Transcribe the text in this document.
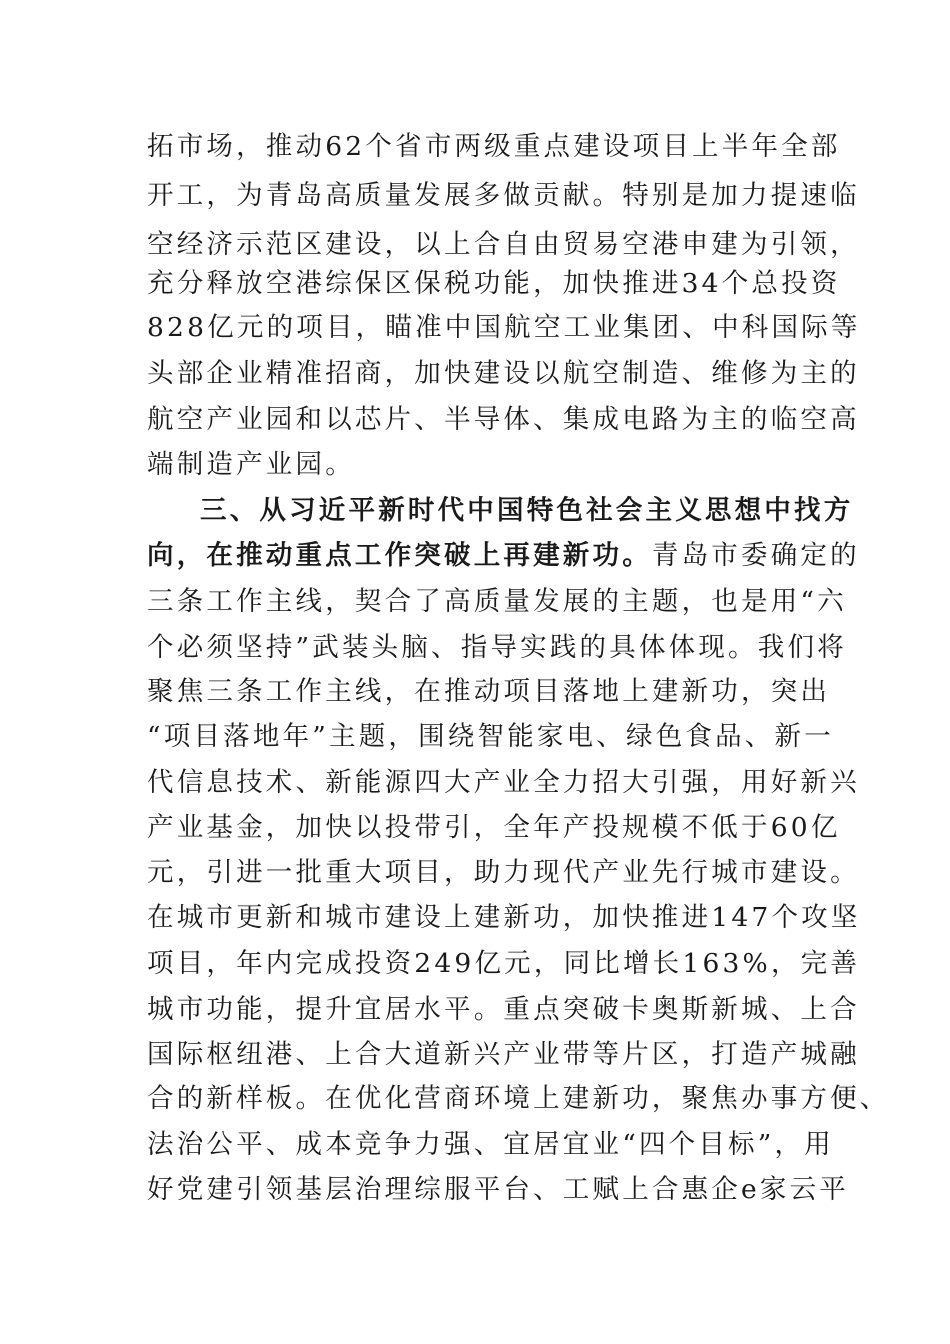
拓市场，推动62个省市两级重点建设项目上半年全部

开工，为青岛高质量发展多做贡献。特别是加力提速临

空经济示范区建设，以上合自由贸易空港申建为引领，

充分释放空港综保区保税功能，加快推进34个总投资

828亿元的项目，瞄准中国航空工业集团、中科国际等

头部企业精准招商，加快建设以航空制造、维修为主的

航空产业园和以芯片、半导体、集成电路为主的临空高

端制造产业园。

三、从习近平新时代中国特色社会主义思想中找方

向，在推动重点工作突破上再建新功。青岛市委确定的

三条工作主线，契合了高质量发展的主题，也是用“六

个必须坚持”武装头脑、指导实践的具体体现。我们将

聚焦三条工作主线，在推动项目落地上建新功，突出

“项目落地年”主题，围绕智能家电、绿色食品、新一

代信息技术、新能源四大产业全力招大引强，用好新兴

产业基金，加快以投带引，全年产投规模不低于60亿

元，引进一批重大项目，助力现代产业先行城市建设。

在城市更新和城市建设上建新功，加快推进147个攻坚

项目，年内完成投资249亿元，同比增长163%，完善

城市功能，提升宜居水平。重点突破卡奥斯新城、上合

国际枢纽港、上合大道新兴产业带等片区，打造产城融

合的新样板。在优化营商环境上建新功，聚焦办事方便、

法治公平、成本竞争力强、宜居宜业“四个目标”，用

好党建引领基层治理综服平台、工赋上合惠企e家云平
